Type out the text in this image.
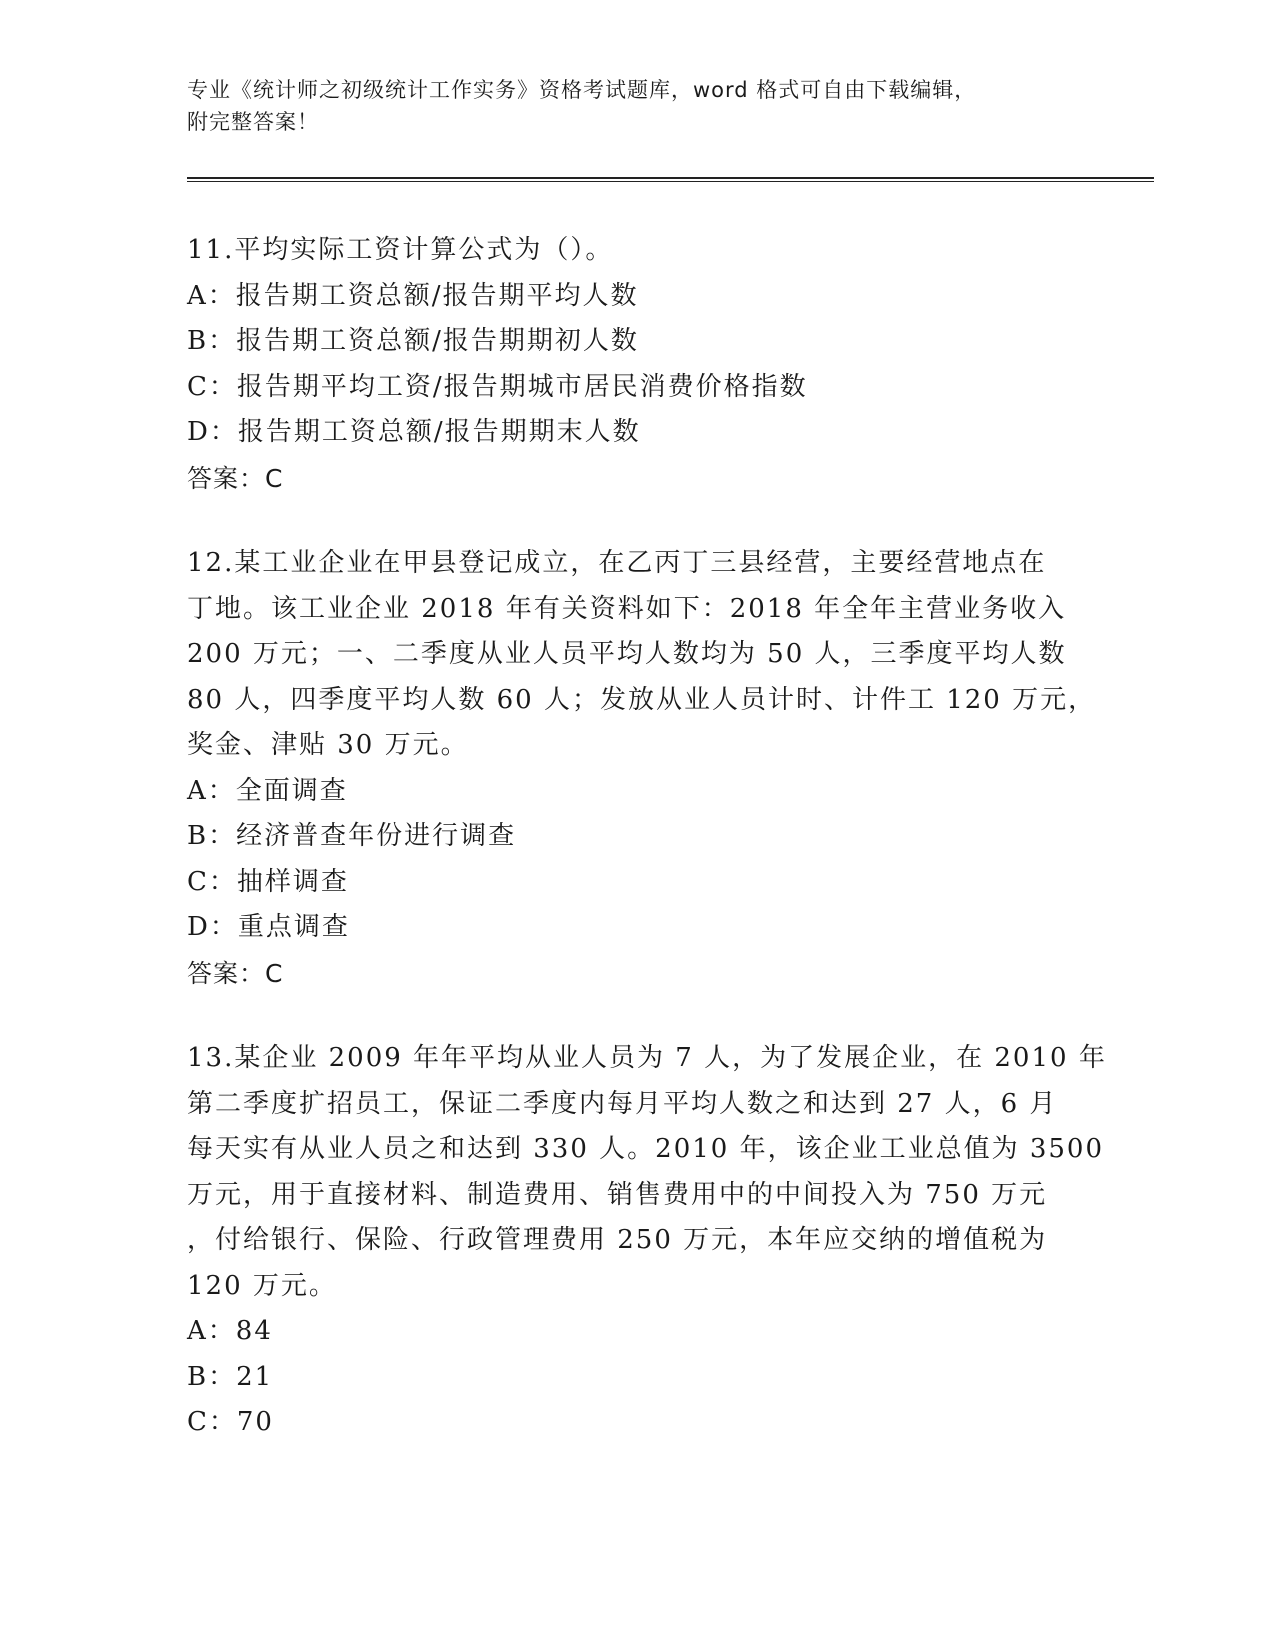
专业《统计师之初级统计工作实务》资格考试题库，word 格式可自由下载编辑，
附完整答案！
11.平均实际工资计算公式为（）。
A：报告期工资总额/报告期平均人数
B：报告期工资总额/报告期期初人数
C：报告期平均工资/报告期城市居民消费价格指数
D：报告期工资总额/报告期期末人数
答案：C
12.某工业企业在甲县登记成立，在乙丙丁三县经营，主要经营地点在
丁地。该工业企业 2018 年有关资料如下：2018 年全年主营业务收入
200 万元；一、二季度从业人员平均人数均为 50 人，三季度平均人数
80 人，四季度平均人数 60 人；发放从业人员计时、计件工 120 万元，
奖金、津贴 30 万元。
A：全面调查
B：经济普查年份进行调查
C：抽样调查
D：重点调查
答案：C
13.某企业 2009 年年平均从业人员为 7 人，为了发展企业，在 2010 年
第二季度扩招员工，保证二季度内每月平均人数之和达到 27 人，6 月
每天实有从业人员之和达到 330 人。2010 年，该企业工业总值为 3500
万元，用于直接材料、制造费用、销售费用中的中间投入为 750 万元
，付给银行、保险、行政管理费用 250 万元，本年应交纳的增值税为
120 万元。
A：84
B：21
C：70
